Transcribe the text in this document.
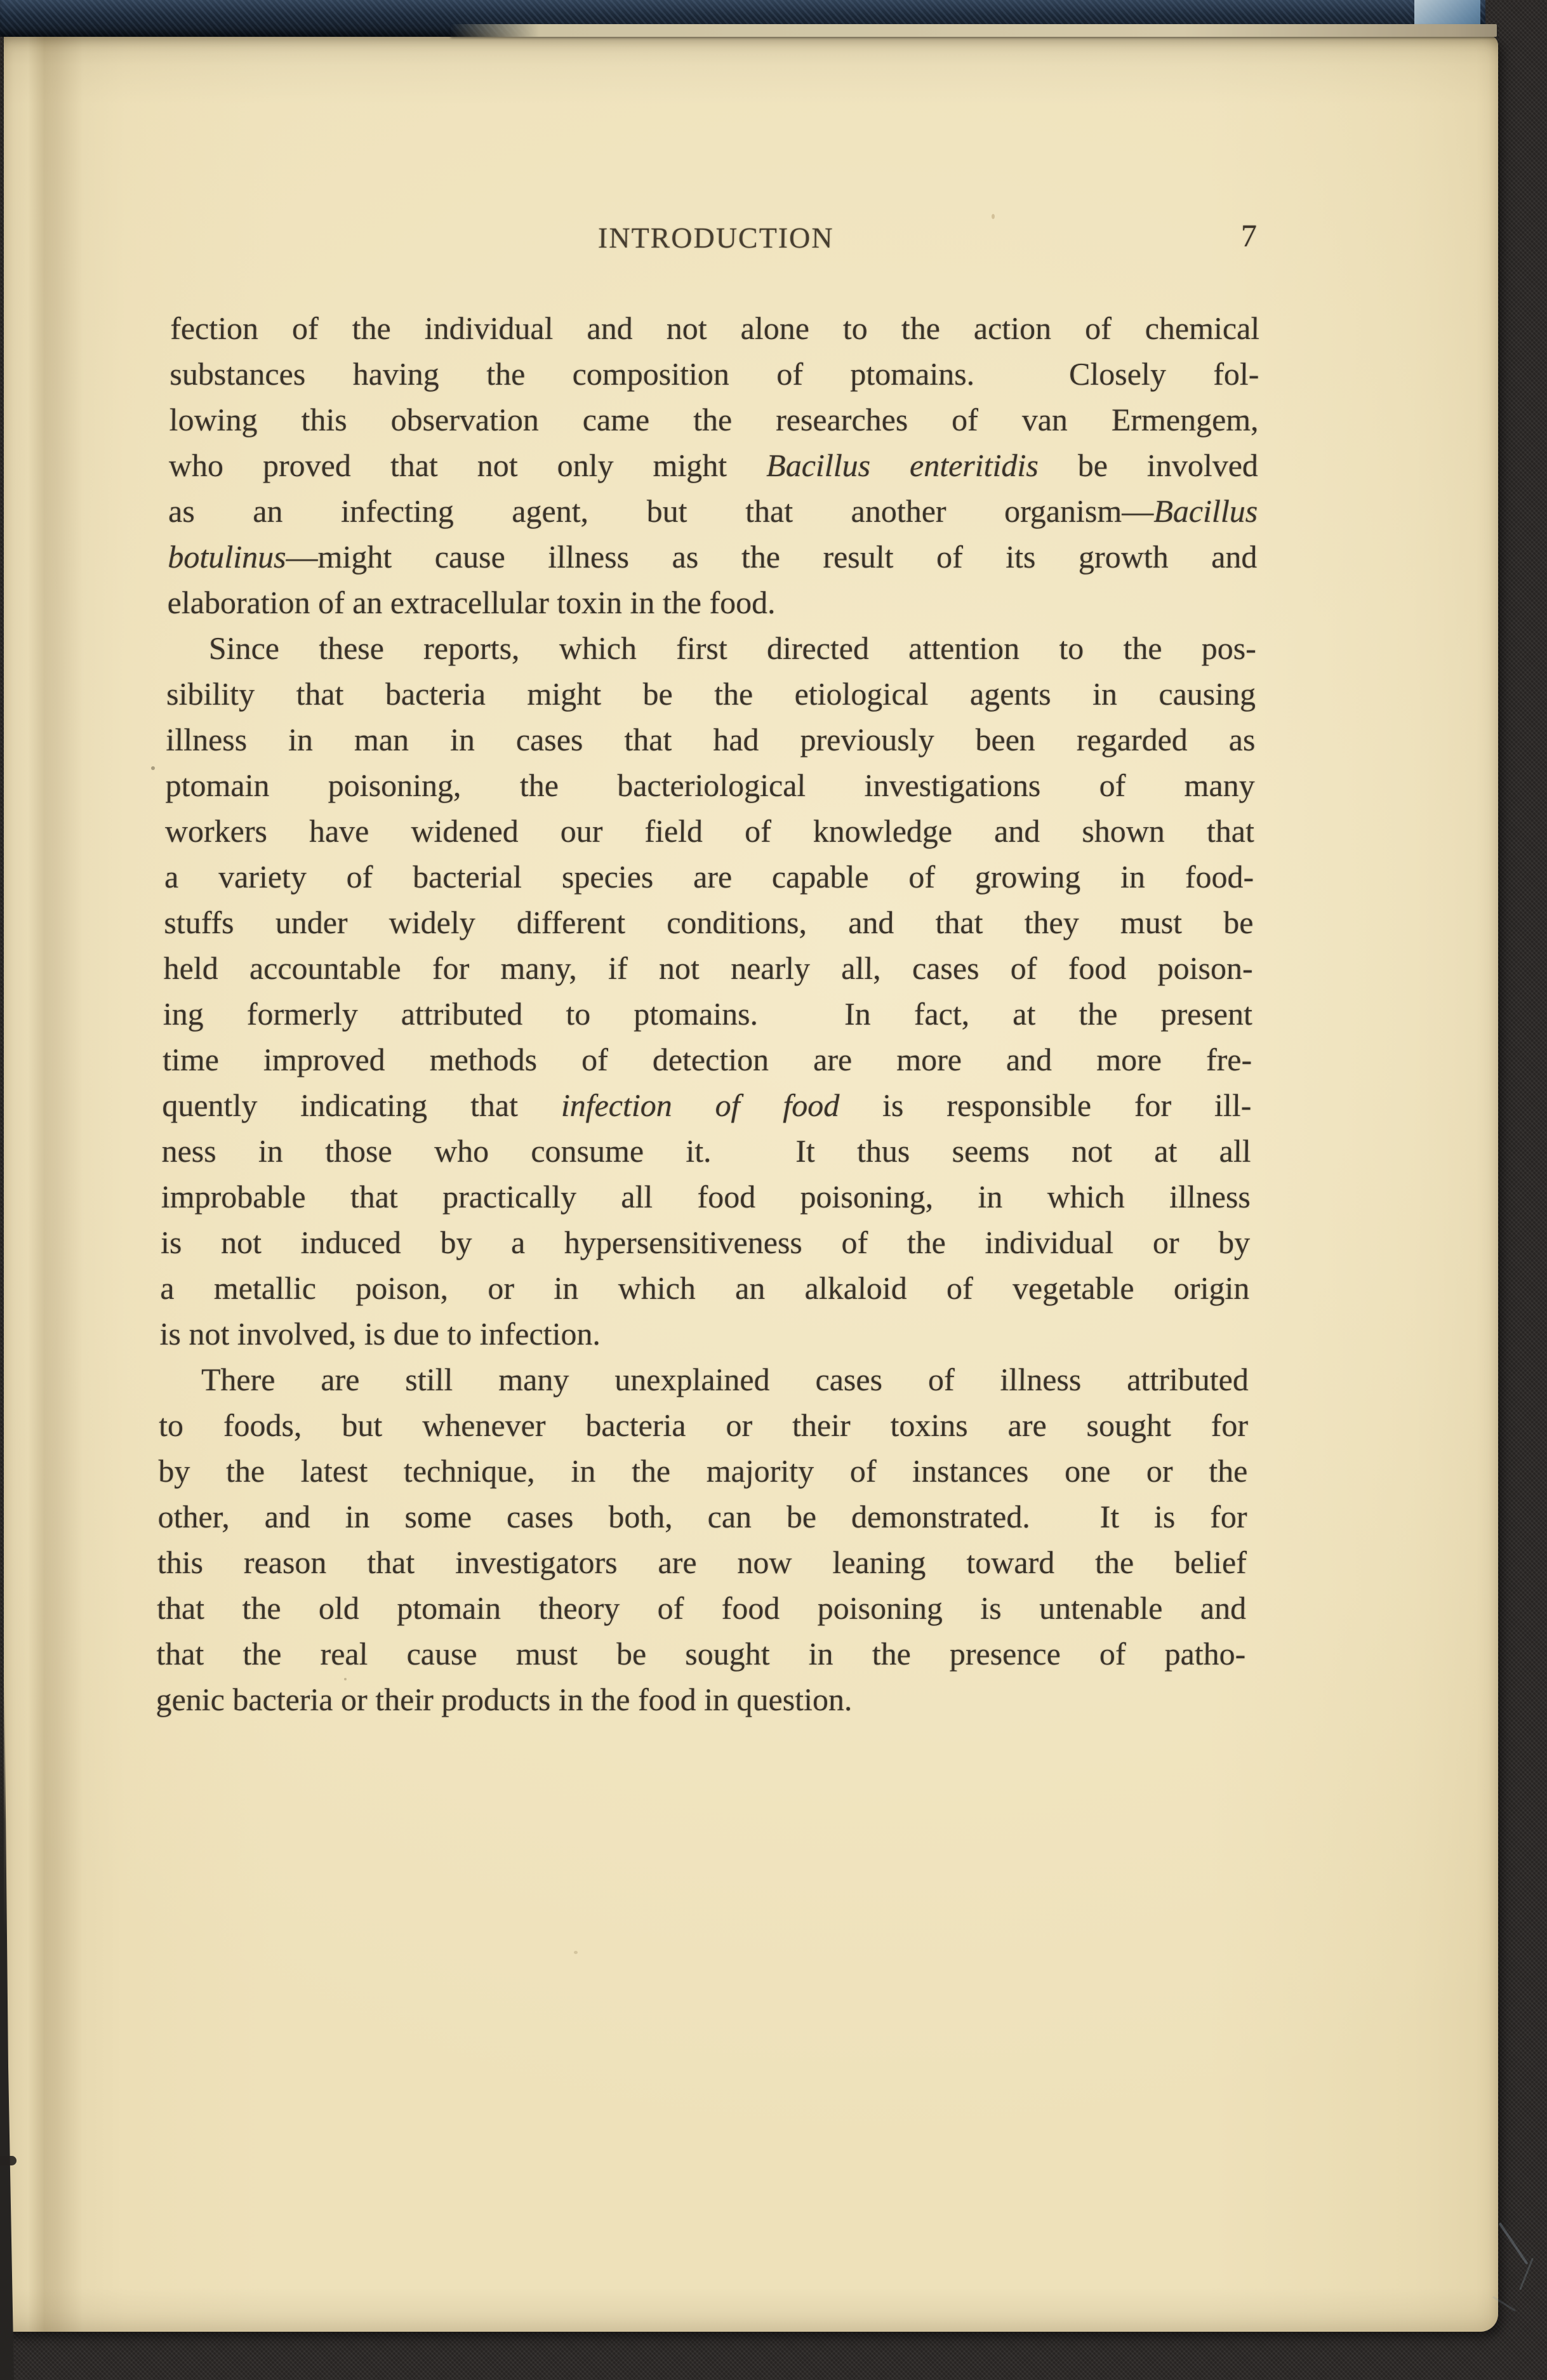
INTRODUCTION	7
fection of the individual and not alone to the action of chemical
substances having the composition of ptomains.  Closely fol-
lowing this observation came the researches of van Ermengem,
who proved that not only might Bacillus enteritidis be involved
as an infecting agent, but that another organism—Bacillus
botulinus—might cause illness as the result of its growth and
elaboration of an extracellular toxin in the food.
Since these reports, which first directed attention to the pos-
sibility that bacteria might be the etiological agents in causing
illness in man in cases that had previously been regarded as
ptomain poisoning, the bacteriological investigations of many
workers have widened our field of knowledge and shown that
a variety of bacterial species are capable of growing in food-
stuffs under widely different conditions, and that they must be
held accountable for many, if not nearly all, cases of food poison-
ing formerly attributed to ptomains.  In fact, at the present
time improved methods of detection are more and more fre-
quently indicating that infection of food is responsible for ill-
ness in those who consume it.  It thus seems not at all
improbable that practically all food poisoning, in which illness
is not induced by a hypersensitiveness of the individual or by
a metallic poison, or in which an alkaloid of vegetable origin
is not involved, is due to infection.
There are still many unexplained cases of illness attributed
to foods, but whenever bacteria or their toxins are sought for
by the latest technique, in the majority of instances one or the
other, and in some cases both, can be demonstrated.  It is for
this reason that investigators are now leaning toward the belief
that the old ptomain theory of food poisoning is untenable and
that the real cause must be sought in the presence of patho-
genic bacteria or their products in the food in question.
